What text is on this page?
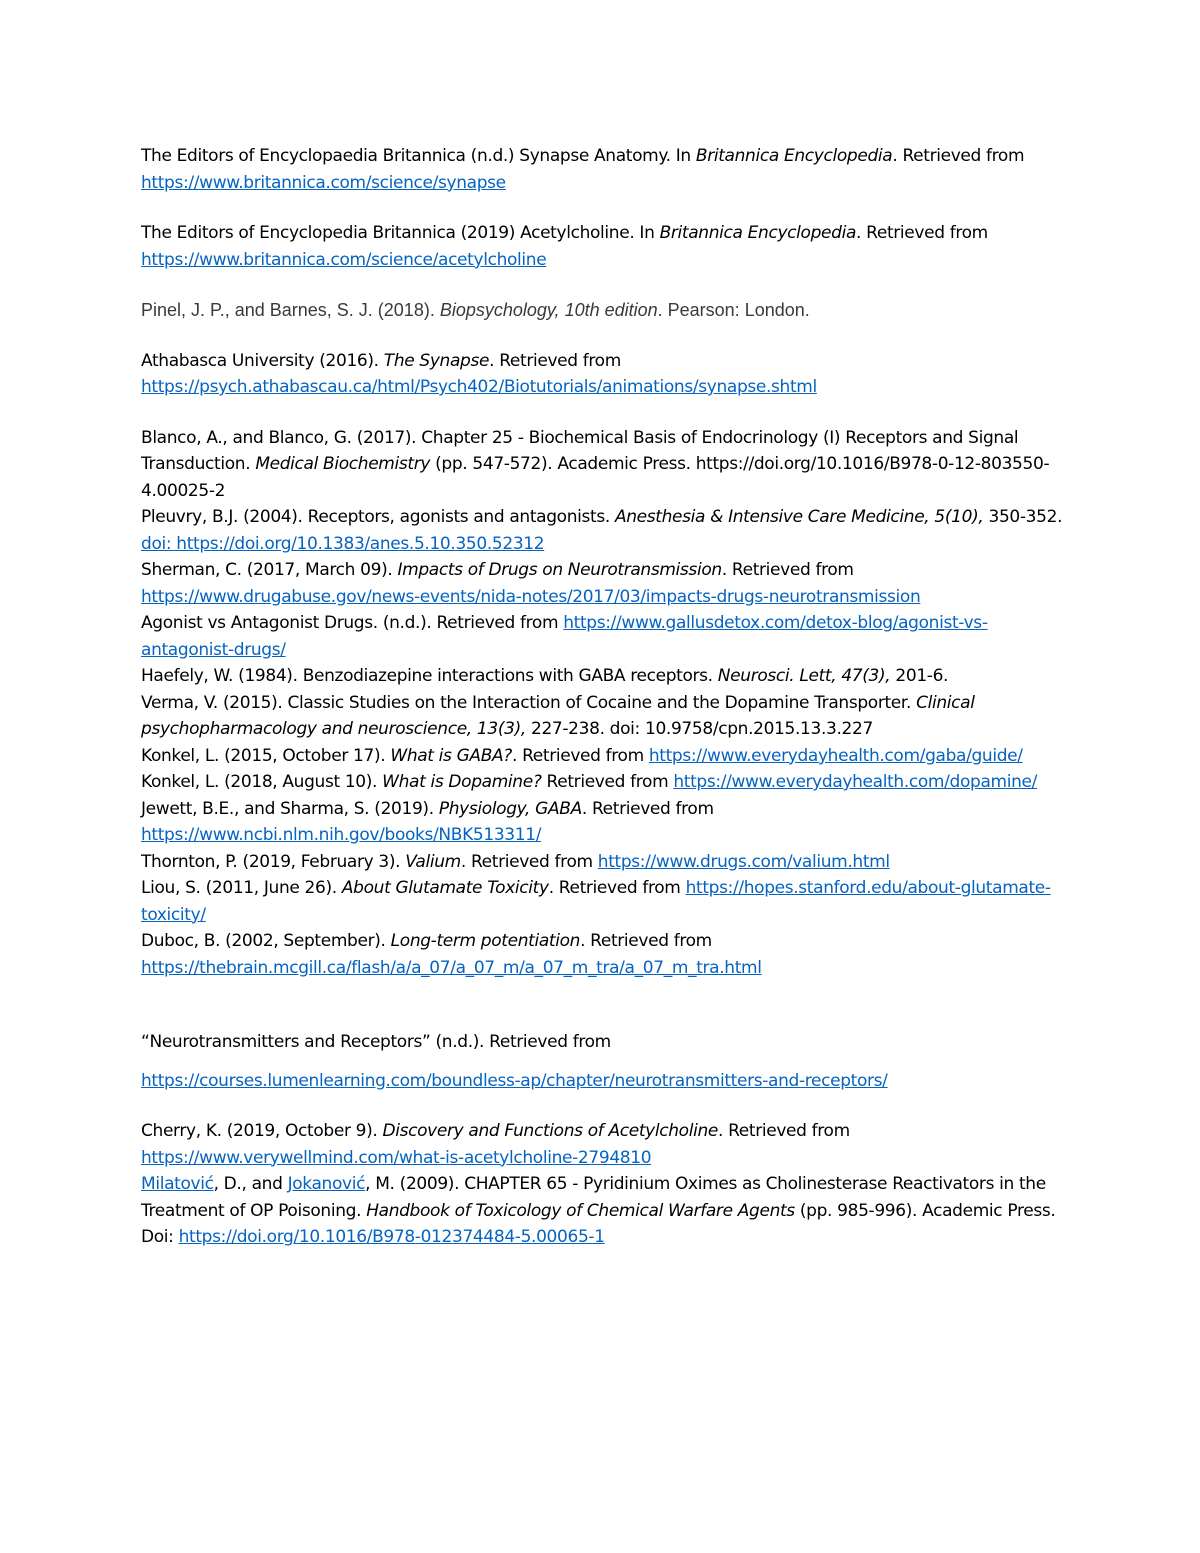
The Editors of Encyclopaedia Britannica (n.d.) Synapse Anatomy. In Britannica Encyclopedia. Retrieved from https://www.britannica.com/science/synapse

The Editors of Encyclopedia Britannica (2019) Acetylcholine. In Britannica Encyclopedia. Retrieved from https://www.britannica.com/science/acetylcholine

Pinel, J. P., and Barnes, S. J. (2018). Biopsychology, 10th edition. Pearson: London.

Athabasca University (2016). The Synapse. Retrieved from https://psych.athabascau.ca/html/Psych402/Biotutorials/animations/synapse.shtml

Blanco, A., and Blanco, G. (2017). Chapter 25 - Biochemical Basis of Endocrinology (I) Receptors and Signal Transduction. Medical Biochemistry (pp. 547-572). Academic Press. https://doi.org/10.1016/B978-0-12-803550-4.00025-2

Pleuvry, B.J. (2004). Receptors, agonists and antagonists. Anesthesia & Intensive Care Medicine, 5(10), 350-352. doi: https://doi.org/10.1383/anes.5.10.350.52312

Sherman, C. (2017, March 09). Impacts of Drugs on Neurotransmission. Retrieved from https://www.drugabuse.gov/news-events/nida-notes/2017/03/impacts-drugs-neurotransmission

Agonist vs Antagonist Drugs. (n.d.). Retrieved from https://www.gallusdetox.com/detox-blog/agonist-vs-antagonist-drugs/

Haefely, W. (1984). Benzodiazepine interactions with GABA receptors. Neurosci. Lett, 47(3), 201-6.

Verma, V. (2015). Classic Studies on the Interaction of Cocaine and the Dopamine Transporter. Clinical psychopharmacology and neuroscience, 13(3), 227-238. doi: 10.9758/cpn.2015.13.3.227

Konkel, L. (2015, October 17). What is GABA?. Retrieved from https://www.everydayhealth.com/gaba/guide/

Konkel, L. (2018, August 10). What is Dopamine? Retrieved from https://www.everydayhealth.com/dopamine/

Jewett, B.E., and Sharma, S. (2019). Physiology, GABA. Retrieved from https://www.ncbi.nlm.nih.gov/books/NBK513311/

Thornton, P. (2019, February 3). Valium. Retrieved from https://www.drugs.com/valium.html

Liou, S. (2011, June 26). About Glutamate Toxicity. Retrieved from https://hopes.stanford.edu/about-glutamate-toxicity/

Duboc, B. (2002, September). Long-term potentiation. Retrieved from https://thebrain.mcgill.ca/flash/a/a_07/a_07_m/a_07_m_tra/a_07_m_tra.html

“Neurotransmitters and Receptors” (n.d.). Retrieved from https://courses.lumenlearning.com/boundless-ap/chapter/neurotransmitters-and-receptors/

Cherry, K. (2019, October 9). Discovery and Functions of Acetylcholine. Retrieved from https://www.verywellmind.com/what-is-acetylcholine-2794810

Milatović, D., and Jokanović, M. (2009). CHAPTER 65 - Pyridinium Oximes as Cholinesterase Reactivators in the Treatment of OP Poisoning. Handbook of Toxicology of Chemical Warfare Agents (pp. 985-996). Academic Press. Doi: https://doi.org/10.1016/B978-012374484-5.00065-1
